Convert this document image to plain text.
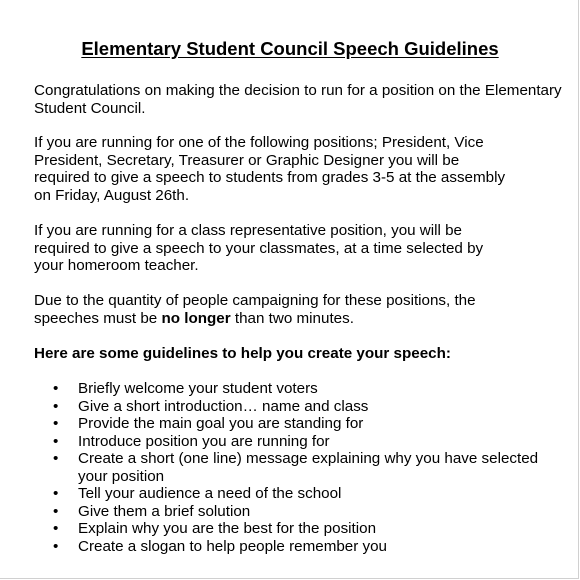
Elementary Student Council Speech Guidelines

Congratulations on making the decision to run for a position on the Elementary Student Council.

If you are running for one of the following positions; President, Vice
President, Secretary, Treasurer or Graphic Designer you will be
required to give a speech to students from grades 3-5 at the assembly
on Friday, August 26th.

If you are running for a class representative position, you will be
required to give a speech to your classmates, at a time selected by
your homeroom teacher.

Due to the quantity of people campaigning for these positions, the
speeches must be no longer than two minutes.

Here are some guidelines to help you create your speech:

• Briefly welcome your student voters
• Give a short introduction… name and class
• Provide the main goal you are standing for
• Introduce position you are running for
• Create a short (one line) message explaining why you have selected your position
• Tell your audience a need of the school
• Give them a brief solution
• Explain why you are the best for the position
• Create a slogan to help people remember you
